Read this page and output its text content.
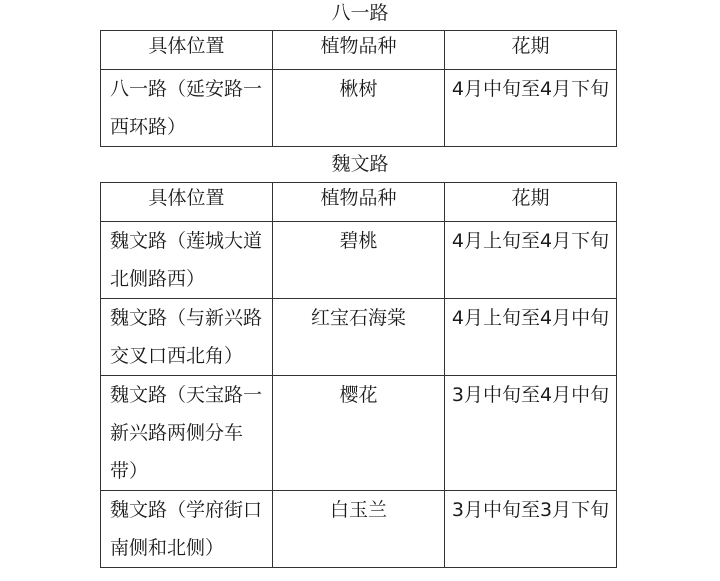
八一路
具体位置	植物品种	花期

八一路（延安路一西环路）	楸树	4月中旬至4月下旬
魏文路
具体位置	植物品种	花期

魏文路（莲城大道北侧路西）	碧桃	4月上旬至4月下旬

魏文路（与新兴路交叉口西北角）	红宝石海棠	4月上旬至4月中旬

魏文路（天宝路一新兴路两侧分车带）	樱花	3月中旬至4月中旬

魏文路（学府街口南侧和北侧）	白玉兰	3月中旬至3月下旬
